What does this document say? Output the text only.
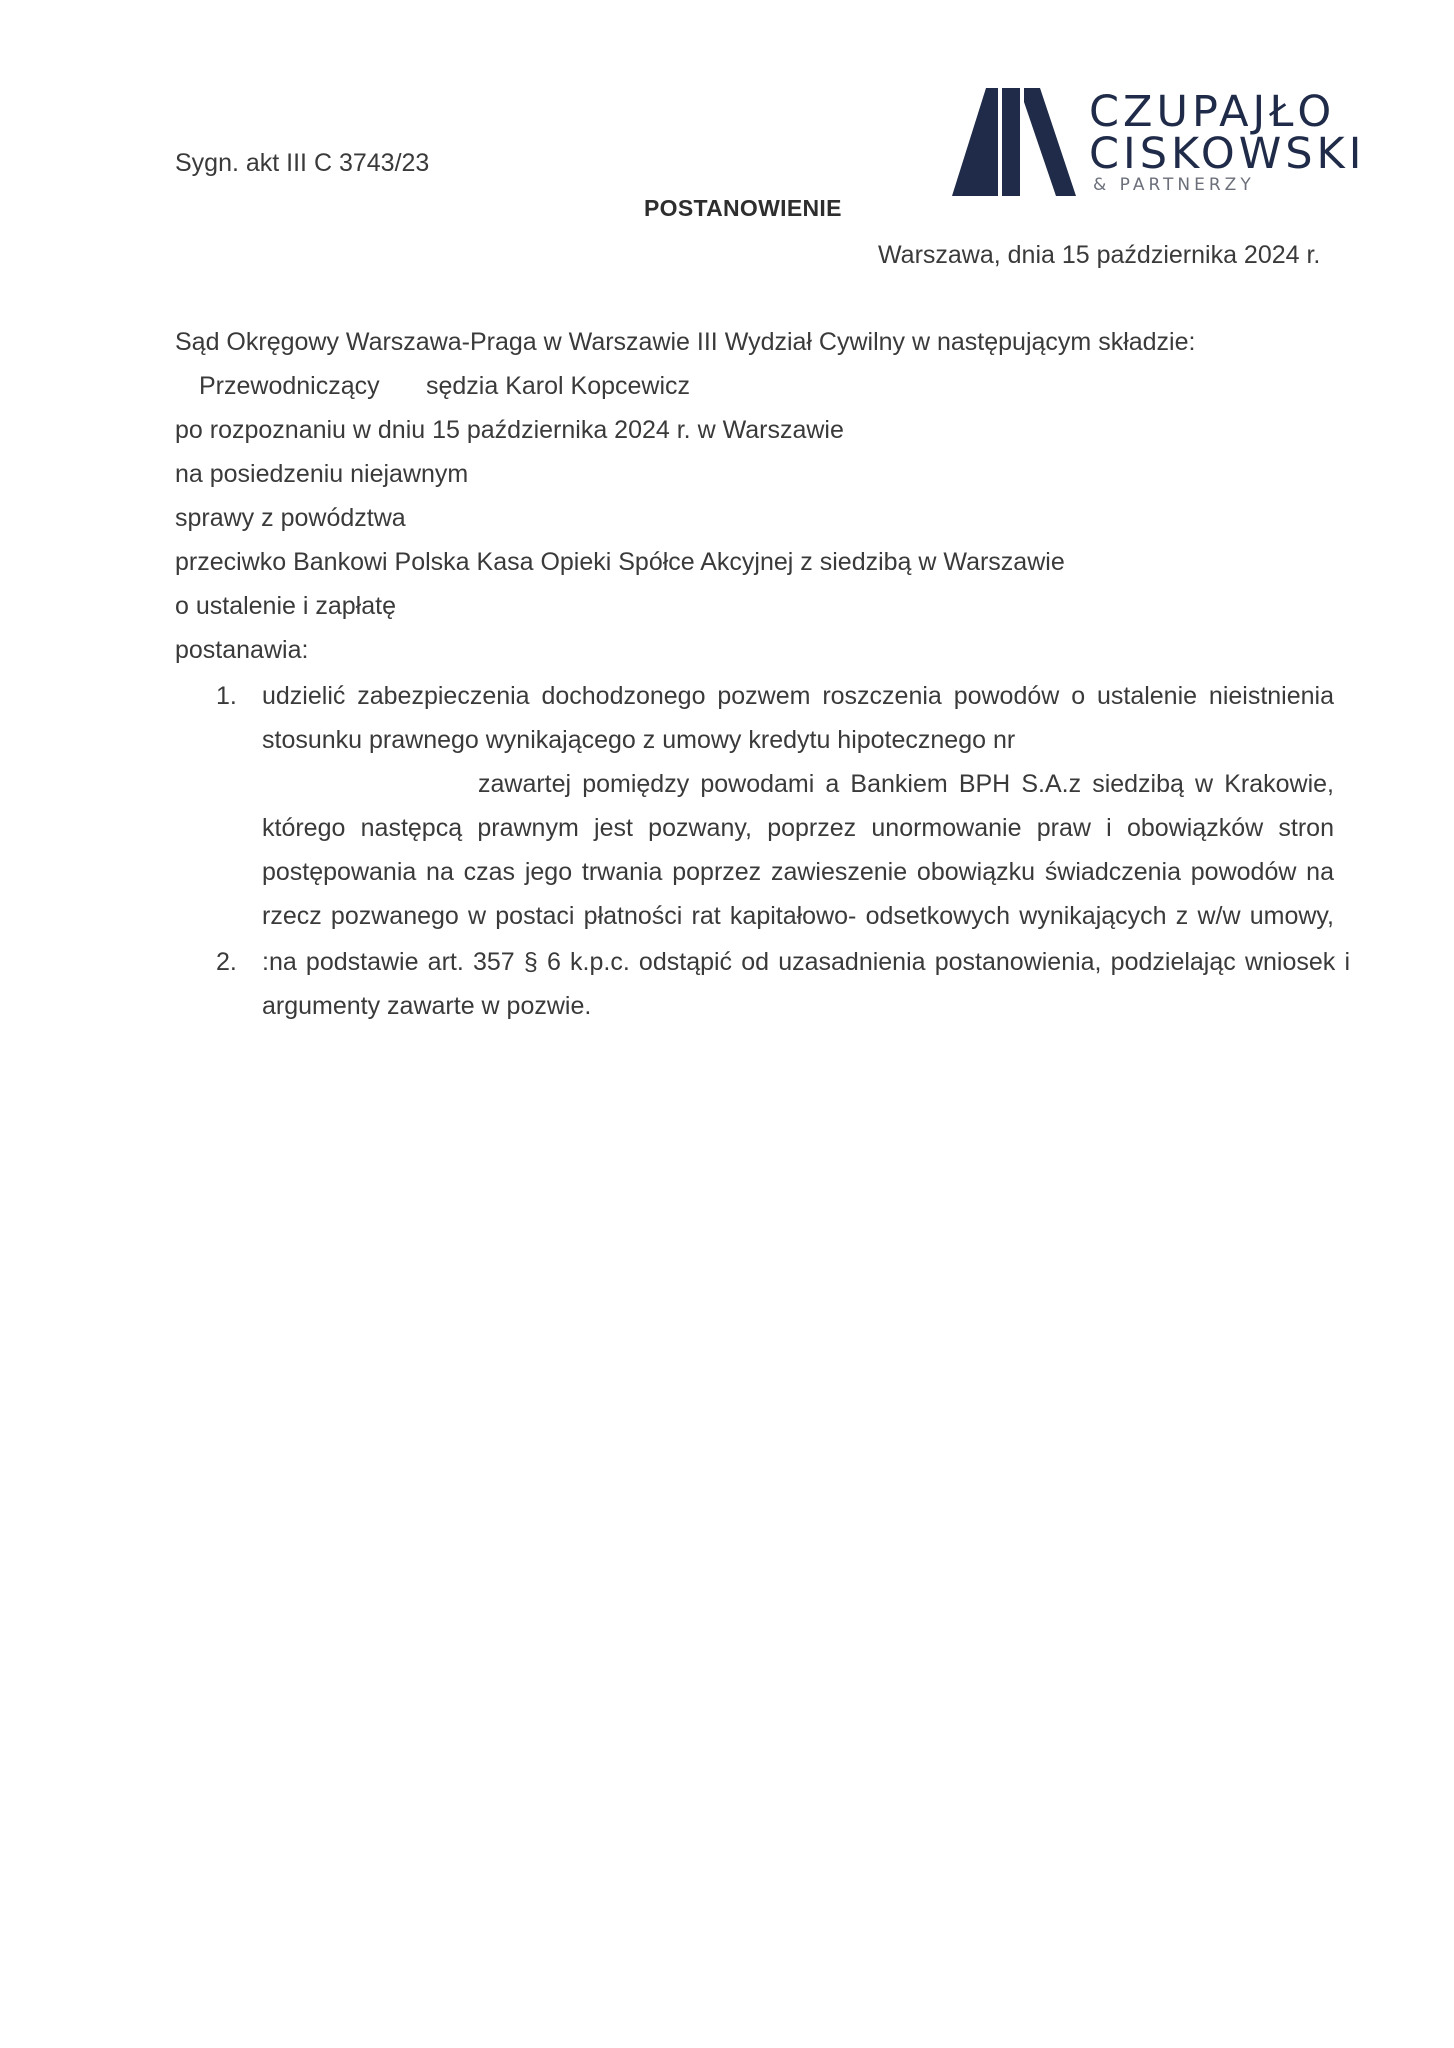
Sygn. akt III C 3743/23
CZUPAJŁO
CISKOWSKI
& PARTNERZY
POSTANOWIENIE
Warszawa, dnia 15 października 2024 r.
Sąd Okręgowy Warszawa-Praga w Warszawie III Wydział Cywilny w następującym składzie:
Przewodniczący sędzia Karol Kopcewicz
po rozpoznaniu w dniu 15 października 2024 r. w Warszawie
na posiedzeniu niejawnym
sprawy z powództwa
przeciwko Bankowi Polska Kasa Opieki Spółce Akcyjnej z siedzibą w Warszawie
o ustalenie i zapłatę
postanawia:
1. udzielić zabezpieczenia dochodzonego pozwem roszczenia powodów o ustalenie nieistnienia
stosunku prawnego wynikającego z umowy kredytu hipotecznego nr
zawartej pomiędzy powodami a Bankiem BPH S.A.z siedzibą w Krakowie,
którego następcą prawnym jest pozwany, poprzez unormowanie praw i obowiązków stron
postępowania na czas jego trwania poprzez zawieszenie obowiązku świadczenia powodów na
rzecz pozwanego w postaci płatności rat kapitałowo- odsetkowych wynikających z w/w umowy,
2. :na podstawie art. 357 § 6 k.p.c. odstąpić od uzasadnienia postanowienia, podzielając wniosek i
argumenty zawarte w pozwie.
